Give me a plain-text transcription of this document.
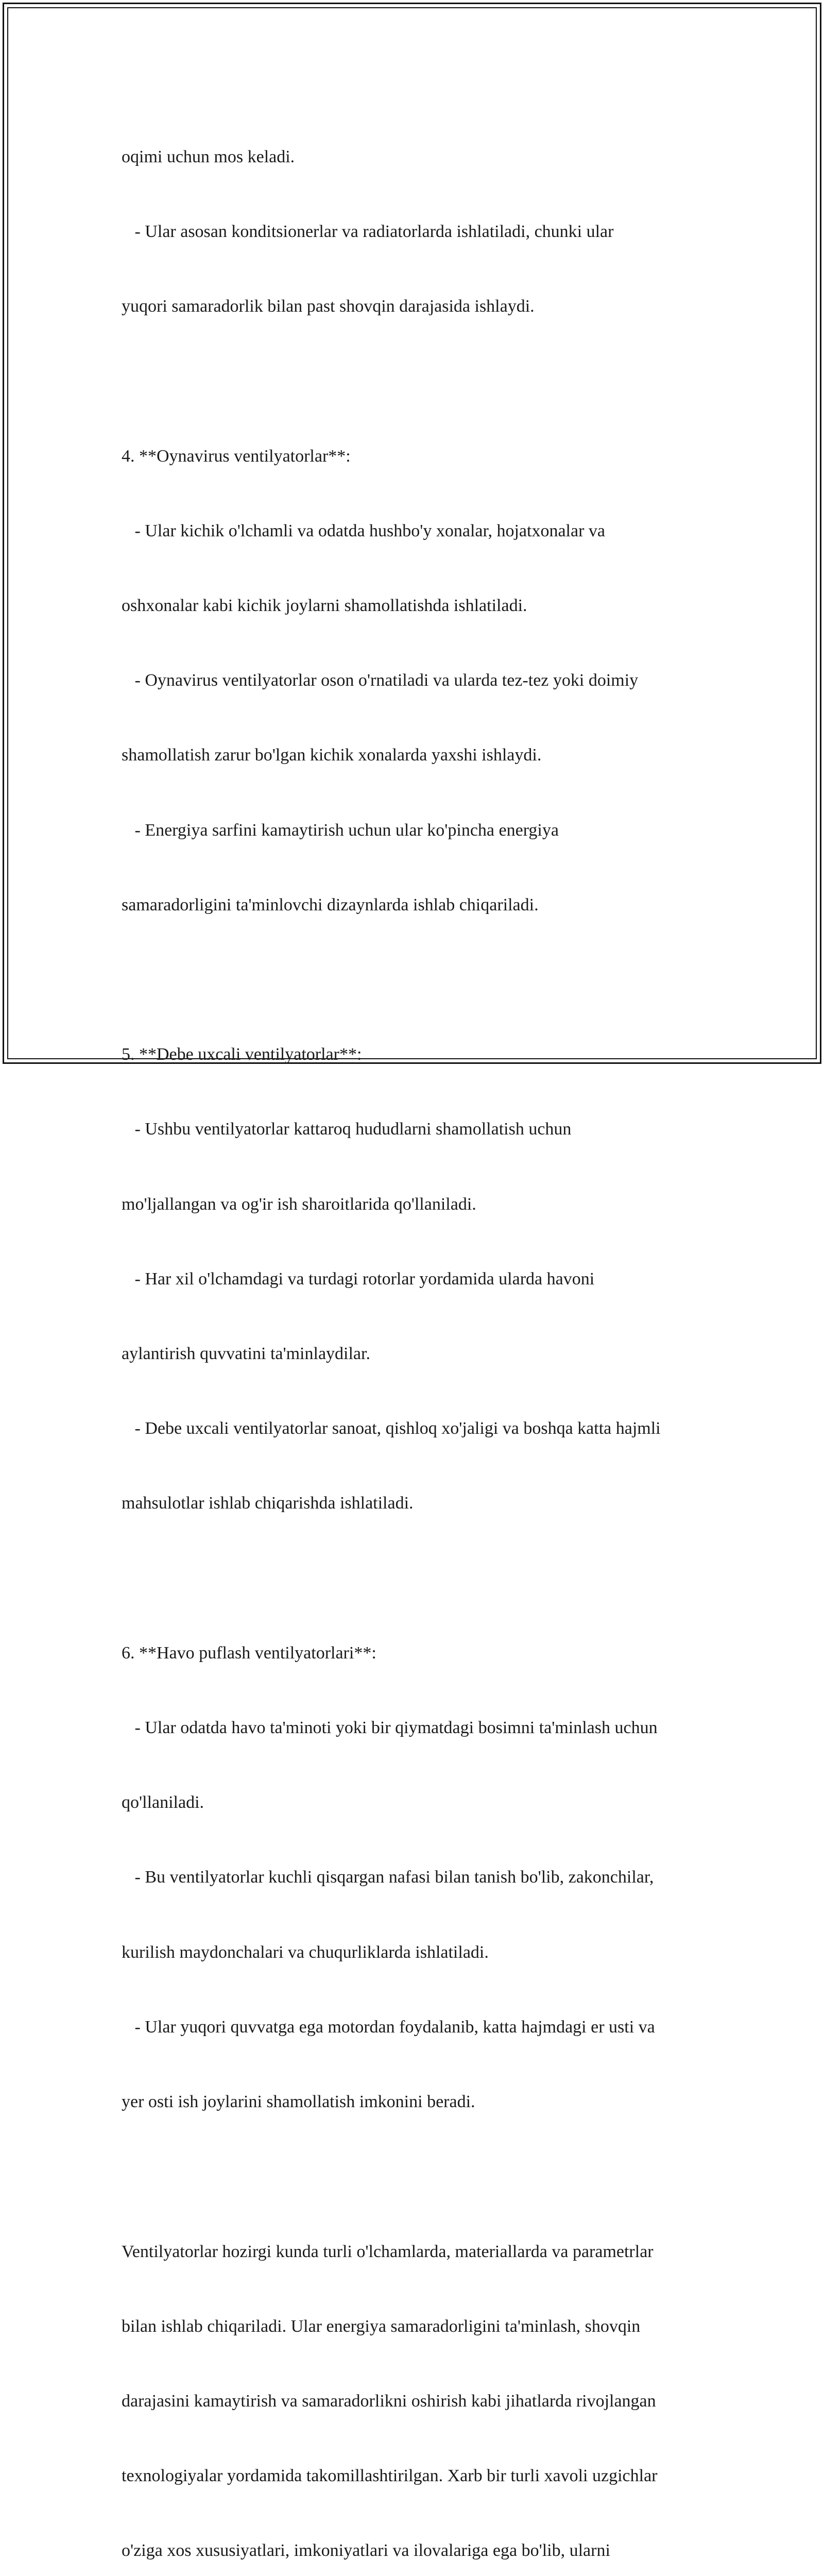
oqimi uchun mos keladi.

- Ular asosan konditsionerlar va radiatorlarda ishlatiladi, chunki ular

yuqori samaradorlik bilan past shovqin darajasida ishlaydi.

4. **Oynavirus ventilyatorlar**:

- Ular kichik o'lchamli va odatda hushbo'y xonalar, hojatxonalar va

oshxonalar kabi kichik joylarni shamollatishda ishlatiladi.

- Oynavirus ventilyatorlar oson o'rnatiladi va ularda tez-tez yoki doimiy

shamollatish zarur bo'lgan kichik xonalarda yaxshi ishlaydi.

- Energiya sarfini kamaytirish uchun ular ko'pincha energiya

samaradorligini ta'minlovchi dizaynlarda ishlab chiqariladi.

5. **Debe uxcali ventilyatorlar**:

- Ushbu ventilyatorlar kattaroq hududlarni shamollatish uchun

mo'ljallangan va og'ir ish sharoitlarida qo'llaniladi.

- Har xil o'lchamdagi va turdagi rotorlar yordamida ularda havoni

aylantirish quvvatini ta'minlaydilar.

- Debe uxcali ventilyatorlar sanoat, qishloq xo'jaligi va boshqa katta hajmli

mahsulotlar ishlab chiqarishda ishlatiladi.

6. **Havo puflash ventilyatorlari**:

- Ular odatda havo ta'minoti yoki bir qiymatdagi bosimni ta'minlash uchun

qo'llaniladi.

- Bu ventilyatorlar kuchli qisqargan nafasi bilan tanish bo'lib, zakonchilar,

kurilish maydonchalari va chuqurliklarda ishlatiladi.

- Ular yuqori quvvatga ega motordan foydalanib, katta hajmdagi er usti va

yer osti ish joylarini shamollatish imkonini beradi.

Ventilyatorlar hozirgi kunda turli o'lchamlarda, materiallarda va parametrlar

bilan ishlab chiqariladi. Ular energiya samaradorligini ta'minlash, shovqin

darajasini kamaytirish va samaradorlikni oshirish kabi jihatlarda rivojlangan

texnologiyalar yordamida takomillashtirilgan. Xarb bir turli xavoli uzgichlar

o'ziga xos xususiyatlari, imkoniyatlari va ilovalariga ega bo'lib, ularni
